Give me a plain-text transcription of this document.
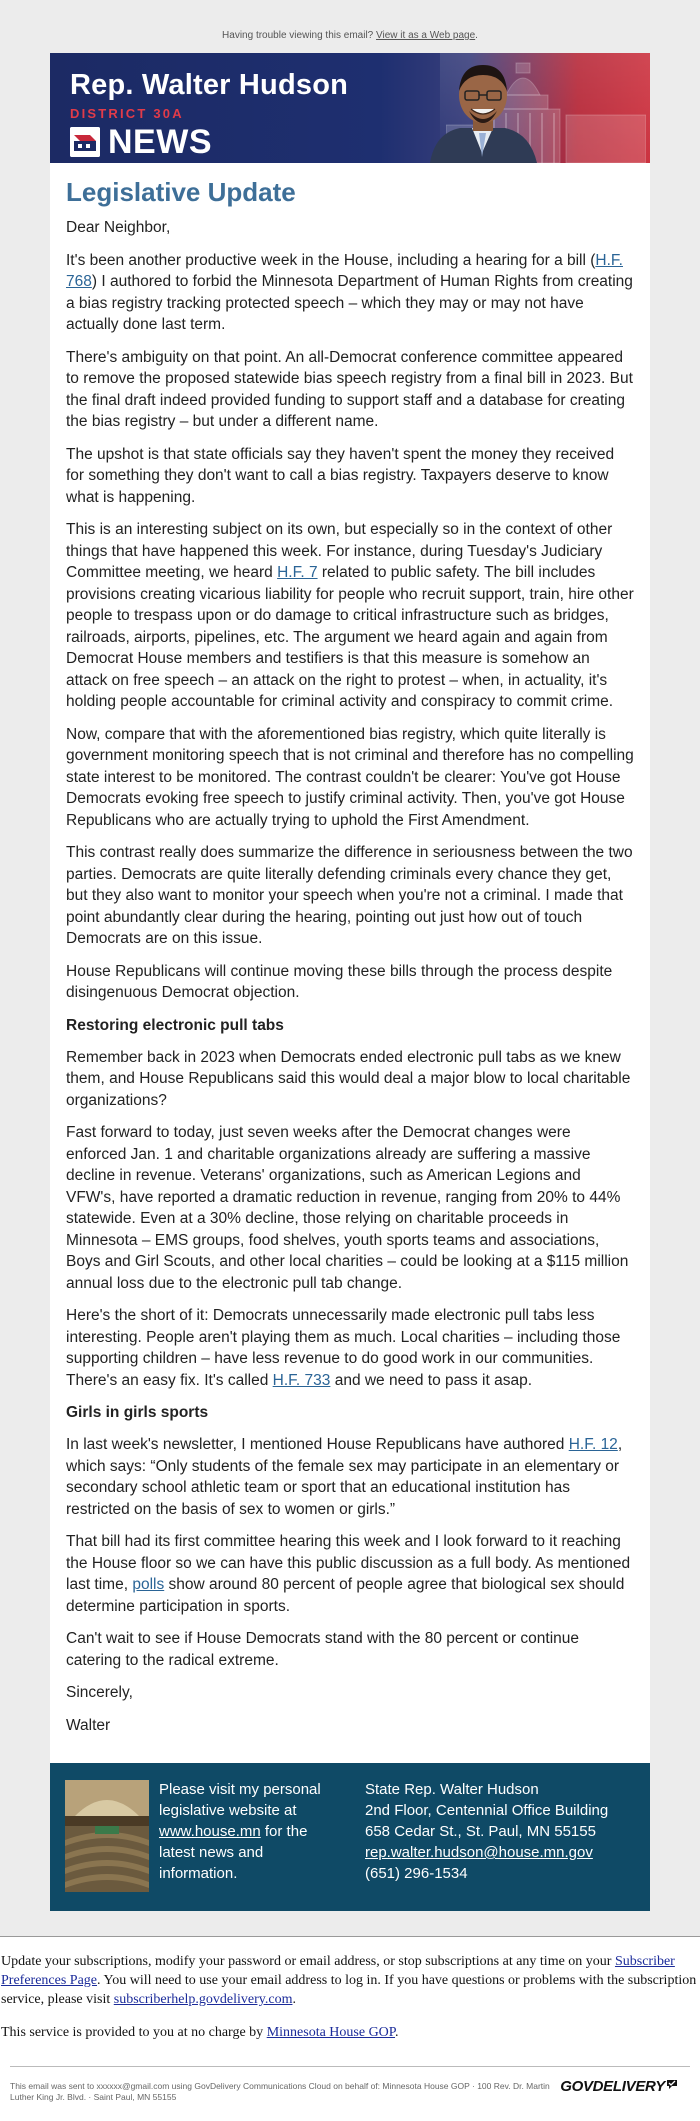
Having trouble viewing this email? View it as a Web page.
Rep. Walter Hudson
DISTRICT 30A
NEWS
Legislative Update

Dear Neighbor,

It's been another productive week in the House, including a hearing for a bill (H.F. 768) I authored to forbid the Minnesota Department of Human Rights from creating a bias registry tracking protected speech – which they may or may not have actually done last term.

There's ambiguity on that point. An all-Democrat conference committee appeared to remove the proposed statewide bias speech registry from a final bill in 2023. But the final draft indeed provided funding to support staff and a database for creating the bias registry – but under a different name.

The upshot is that state officials say they haven't spent the money they received for something they don't want to call a bias registry. Taxpayers deserve to know what is happening.

This is an interesting subject on its own, but especially so in the context of other things that have happened this week. For instance, during Tuesday's Judiciary Committee meeting, we heard H.F. 7 related to public safety. The bill includes provisions creating vicarious liability for people who recruit support, train, hire other people to trespass upon or do damage to critical infrastructure such as bridges, railroads, airports, pipelines, etc. The argument we heard again and again from Democrat House members and testifiers is that this measure is somehow an attack on free speech – an attack on the right to protest – when, in actuality, it's holding people accountable for criminal activity and conspiracy to commit crime.

Now, compare that with the aforementioned bias registry, which quite literally is government monitoring speech that is not criminal and therefore has no compelling state interest to be monitored. The contrast couldn't be clearer: You've got House Democrats evoking free speech to justify criminal activity. Then, you've got House Republicans who are actually trying to uphold the First Amendment.

This contrast really does summarize the difference in seriousness between the two parties. Democrats are quite literally defending criminals every chance they get, but they also want to monitor your speech when you're not a criminal. I made that point abundantly clear during the hearing, pointing out just how out of touch Democrats are on this issue.

House Republicans will continue moving these bills through the process despite disingenuous Democrat objection.

Restoring electronic pull tabs

Remember back in 2023 when Democrats ended electronic pull tabs as we knew them, and House Republicans said this would deal a major blow to local charitable organizations?

Fast forward to today, just seven weeks after the Democrat changes were enforced Jan. 1 and charitable organizations already are suffering a massive decline in revenue. Veterans' organizations, such as American Legions and VFW's, have reported a dramatic reduction in revenue, ranging from 20% to 44% statewide. Even at a 30% decline, those relying on charitable proceeds in Minnesota – EMS groups, food shelves, youth sports teams and associations, Boys and Girl Scouts, and other local charities – could be looking at a $115 million annual loss due to the electronic pull tab change.

Here's the short of it: Democrats unnecessarily made electronic pull tabs less interesting. People aren't playing them as much. Local charities – including those supporting children – have less revenue to do good work in our communities. There's an easy fix. It's called H.F. 733 and we need to pass it asap.

Girls in girls sports

In last week's newsletter, I mentioned House Republicans have authored H.F. 12, which says: “Only students of the female sex may participate in an elementary or secondary school athletic team or sport that an educational institution has restricted on the basis of sex to women or girls.”

That bill had its first committee hearing this week and I look forward to it reaching the House floor so we can have this public discussion as a full body. As mentioned last time, polls show around 80 percent of people agree that biological sex should determine participation in sports.

Can't wait to see if House Democrats stand with the 80 percent or continue catering to the radical extreme.

Sincerely,

Walter

Please visit my personal legislative website at www.house.mn for the latest news and information.
State Rep. Walter Hudson
2nd Floor, Centennial Office Building
658 Cedar St., St. Paul, MN 55155
rep.walter.hudson@house.mn.gov
(651) 296-1534

Update your subscriptions, modify your password or email address, or stop subscriptions at any time on your Subscriber Preferences Page. You will need to use your email address to log in. If you have questions or problems with the subscription service, please visit subscriberhelp.govdelivery.com.

This service is provided to you at no charge by Minnesota House GOP.

This email was sent to xxxxxx@gmail.com using GovDelivery Communications Cloud on behalf of: Minnesota House GOP · 100 Rev. Dr. Martin Luther King Jr. Blvd. · Saint Paul, MN 55155
GOVDELIVERY
